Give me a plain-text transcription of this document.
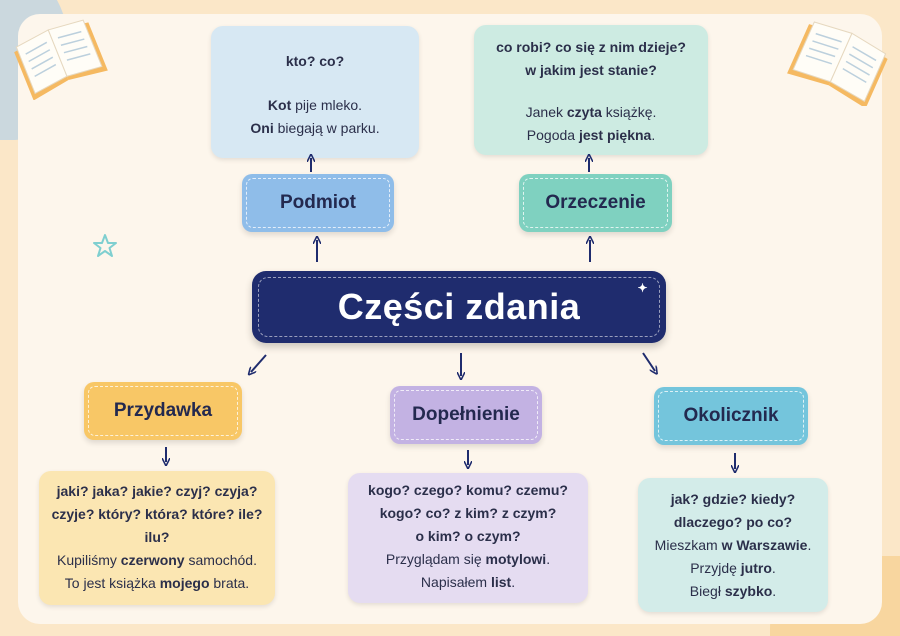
kto? co?
Kot pije mleko.
Oni biegają w parku.
co robi? co się z nim dzieje?
w jakim jest stanie?
Janek czyta książkę.
Pogoda jest piękna.
Podmiot	Orzeczenie
Części zdania	✦
Przydawka	Dopełnienie	Okolicznik
jaki? jaka? jakie? czyj? czyja?
czyje? który? która? które? ile?
ilu?
Kupiliśmy czerwony samochód.
To jest książka mojego brata.
kogo? czego? komu? czemu?
kogo? co? z kim? z czym?
o kim? o czym?
Przyglądam się motylowi.
Napisałem list.
jak? gdzie? kiedy?
dlaczego? po co?
Mieszkam w Warszawie.
Przyjdę jutro.
Biegł szybko.
